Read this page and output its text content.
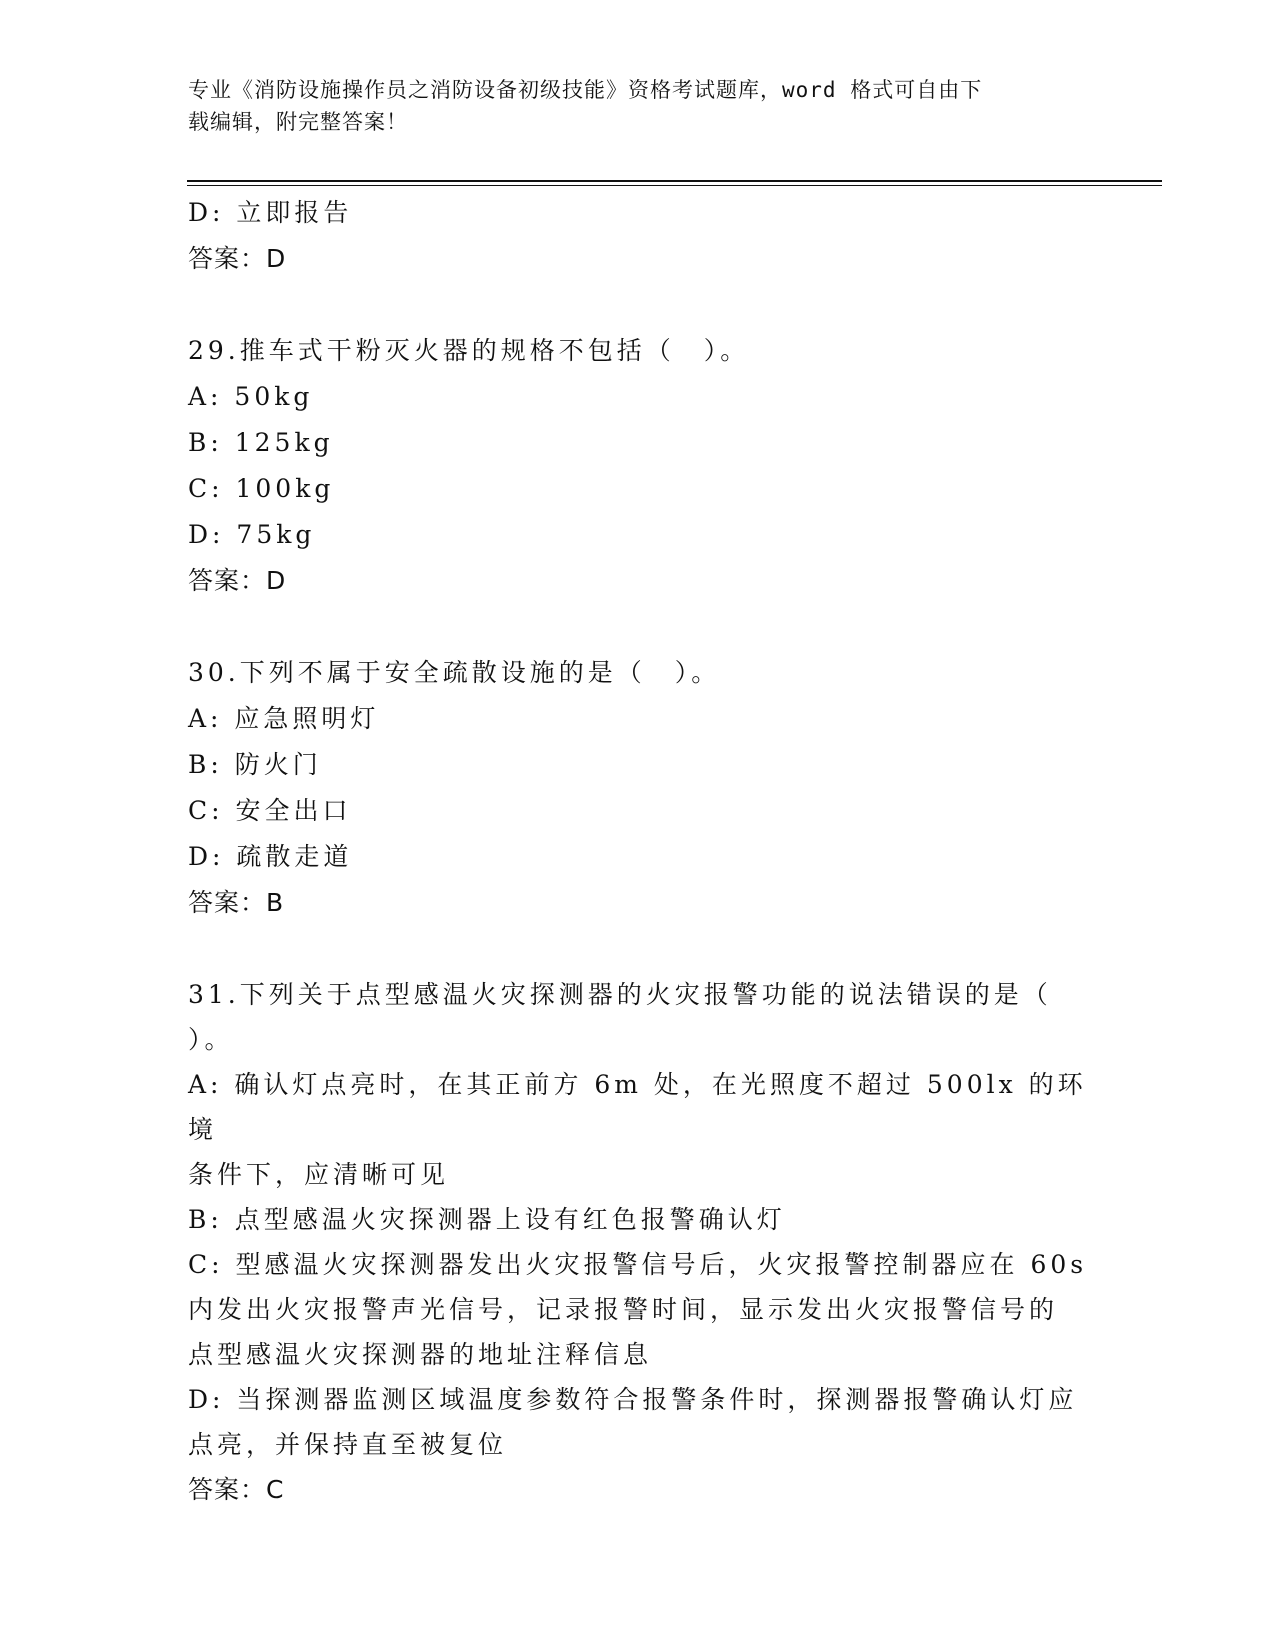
专业《消防设施操作员之消防设备初级技能》资格考试题库，word 格式可自由下
载编辑，附完整答案！
D: 立即报告
答案：D
29.推车式干粉灭火器的规格不包括（　）。
A: 50kg
B: 125kg
C: 100kg
D: 75kg
答案：D
30.下列不属于安全疏散设施的是（　）。
A: 应急照明灯
B: 防火门
C: 安全出口
D: 疏散走道
答案：B
31.下列关于点型感温火灾探测器的火灾报警功能的说法错误的是（
）。
A: 确认灯点亮时，在其正前方 6m 处，在光照度不超过 500lx 的环境
条件下，应清晰可见
B: 点型感温火灾探测器上设有红色报警确认灯
C: 型感温火灾探测器发出火灾报警信号后，火灾报警控制器应在 60s
内发出火灾报警声光信号，记录报警时间，显示发出火灾报警信号的
点型感温火灾探测器的地址注释信息
D: 当探测器监测区域温度参数符合报警条件时，探测器报警确认灯应
点亮，并保持直至被复位
答案：C
